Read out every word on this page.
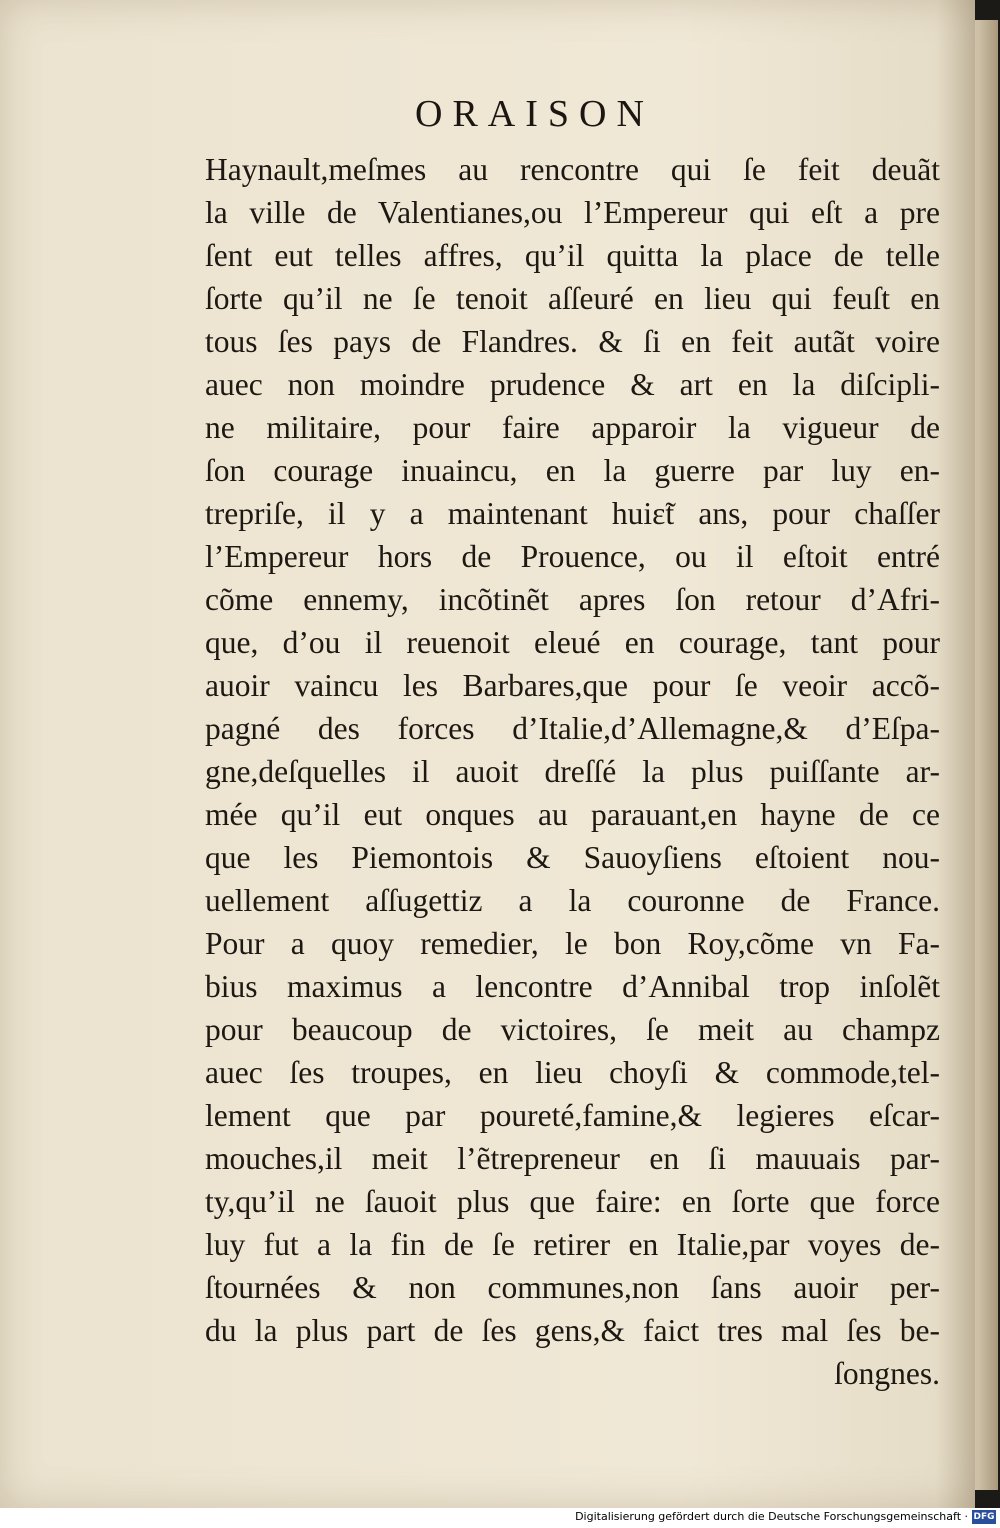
ORAISON
Haynault,meſmes au rencontre qui ſe feit deuãt
la ville de Valentianes,ou l’Empereur qui eſt a pre
ſent eut telles affres, qu’il quitta la place de telle
ſorte qu’il ne ſe tenoit aſſeuré en lieu qui feuſt en
tous ſes pays de Flandres. & ſi en feit autãt voire
auec non moindre prudence & art en la diſcipli-
ne militaire, pour faire apparoir la vigueur de
ſon courage inuaincu, en la guerre par luy en-
trepriſe, il y a maintenant huiɛ̃t ans, pour chaſſer
l’Empereur hors de Prouence, ou il eſtoit entré
cõme ennemy, incõtinẽt apres ſon retour d’Afri-
que, d’ou il reuenoit eleué en courage, tant pour
auoir vaincu les Barbares,que pour ſe veoir accõ-
pagné des forces d’Italie,d’Allemagne,& d’Eſpa-
gne,deſquelles il auoit dreſſé la plus puiſſante ar-
mée qu’il eut onques au parauant,en hayne de ce
que les Piemontois & Sauoyſiens eſtoient nou-
uellement aſſugettiz a la couronne de France.
Pour a quoy remedier, le bon Roy,cõme vn Fa-
bius maximus a lencontre d’Annibal trop inſolẽt
pour beaucoup de victoires, ſe meit au champz
auec ſes troupes, en lieu choyſi & commode,tel-
lement que par poureté,famine,& legieres eſcar-
mouches,il meit l’ẽtrepreneur en ſi mauuais par-
ty,qu’il ne ſauoit plus que faire: en ſorte que force
luy fut a la fin de ſe retirer en Italie,par voyes de-
ſtournées & non communes,non ſans auoir per-
du la plus part de ſes gens,& faict tres mal ſes be-
ſongnes.
Digitalisierung gefördert durch die Deutsche Forschungsgemeinschaft · DFG
